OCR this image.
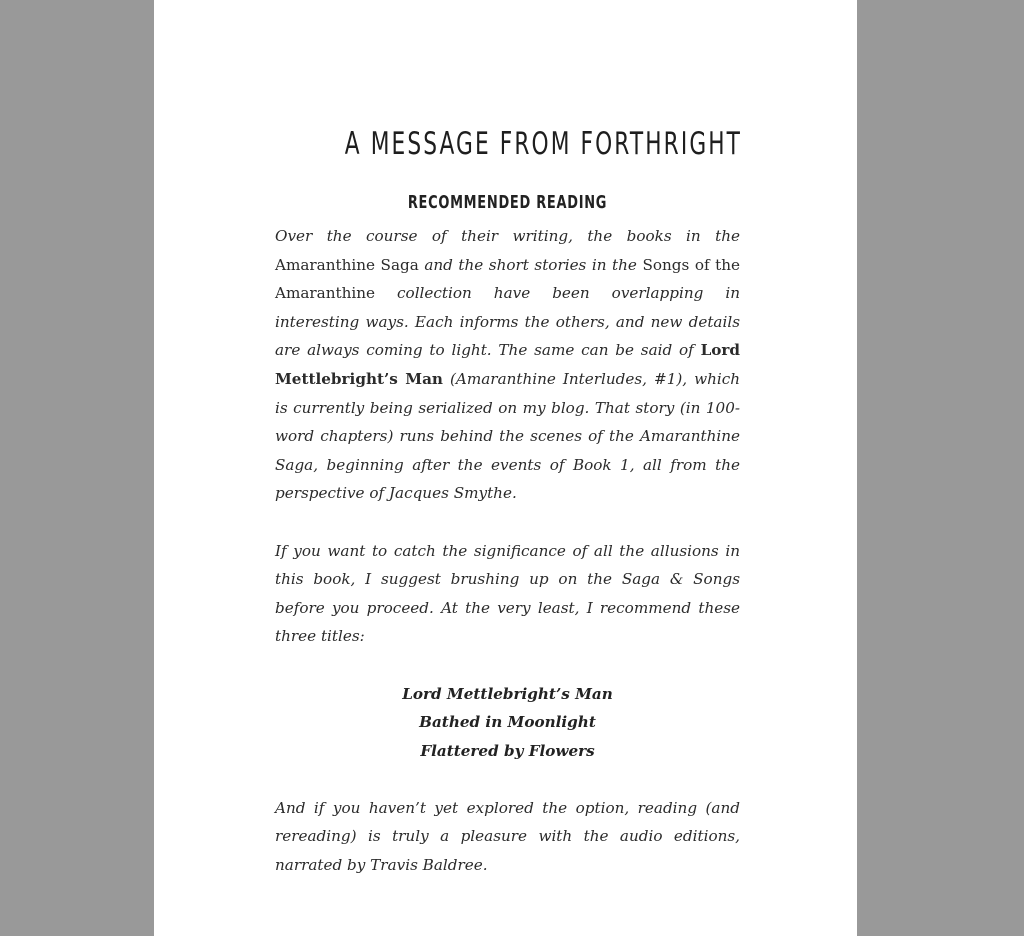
A MESSAGE FROM FORTHRIGHT
RECOMMENDED READING

Over the course of their writing, the books in the Amaranthine Saga and the short stories in the Songs of the Amaranthine collection have been overlapping in interesting ways. Each informs the others, and new details are always coming to light. The same can be said of Lord Mettlebright’s Man (Amaranthine Interludes, #1), which is currently being serialized on my blog. That story (in 100-word chapters) runs behind the scenes of the Amaranthine Saga, beginning after the events of Book 1, all from the perspective of Jacques Smythe.

If you want to catch the significance of all the allusions in this book, I suggest brushing up on the Saga & Songs before you proceed. At the very least, I recommend these three titles:

Lord Mettlebright’s Man
Bathed in Moonlight
Flattered by Flowers

And if you haven’t yet explored the option, reading (and rereading) is truly a pleasure with the audio editions, narrated by Travis Baldree.
